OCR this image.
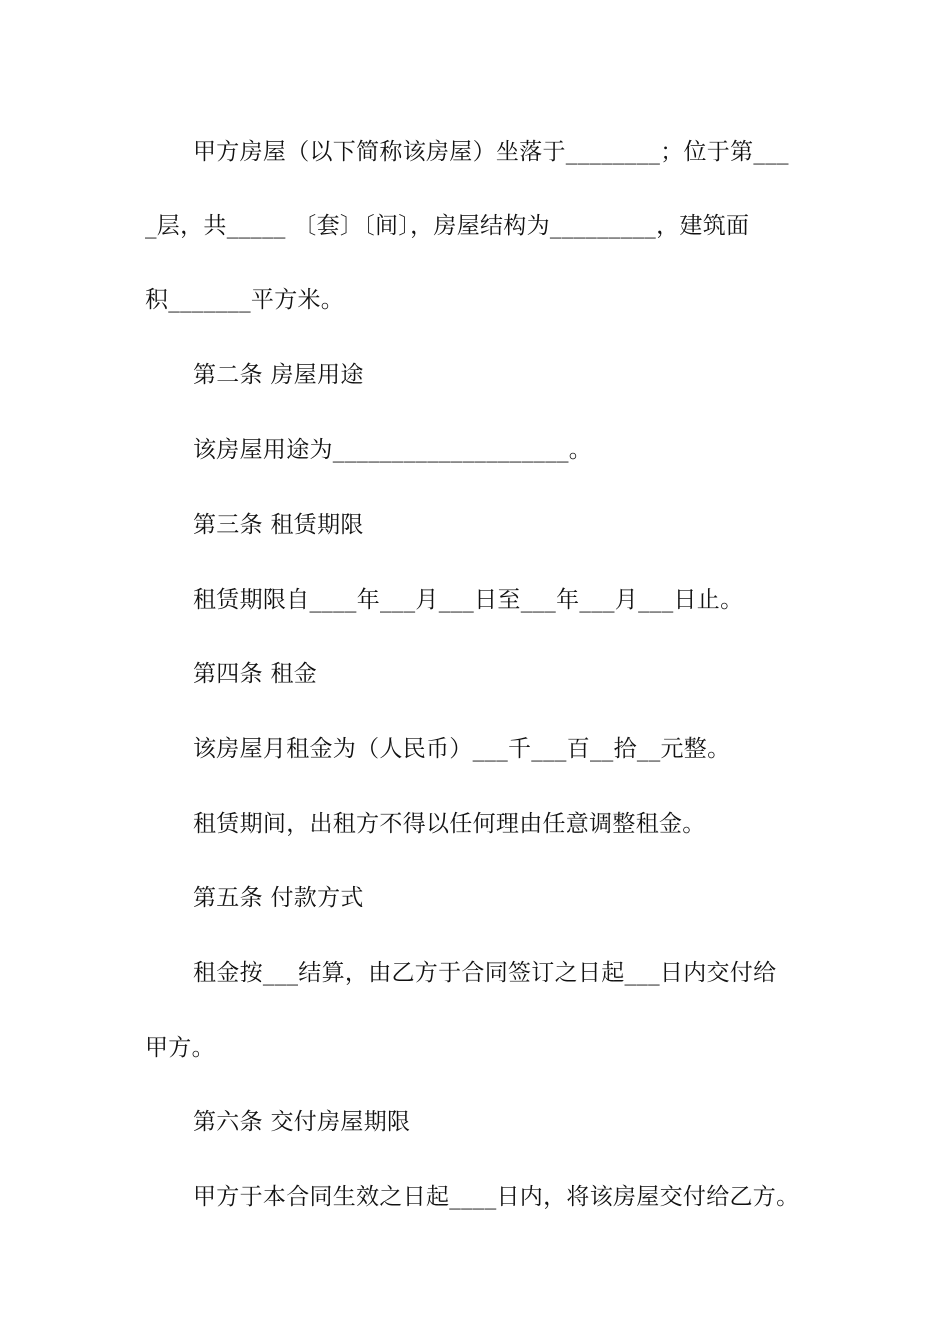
甲方房屋（以下简称该房屋）坐落于________；位于第___
_层，共_____ 〔套〕〔间〕，房屋结构为_________，建筑面
积_______平方米。
第二条 房屋用途
该房屋用途为____________________。
第三条 租赁期限
租赁期限自____年___月___日至___年___月___日止。
第四条 租金
该房屋月租金为（人民币）___千___百__拾__元整。
租赁期间，出租方不得以任何理由任意调整租金。
第五条 付款方式
租金按___结算，由乙方于合同签订之日起___日内交付给
甲方。
第六条 交付房屋期限
甲方于本合同生效之日起____日内，将该房屋交付给乙方。
